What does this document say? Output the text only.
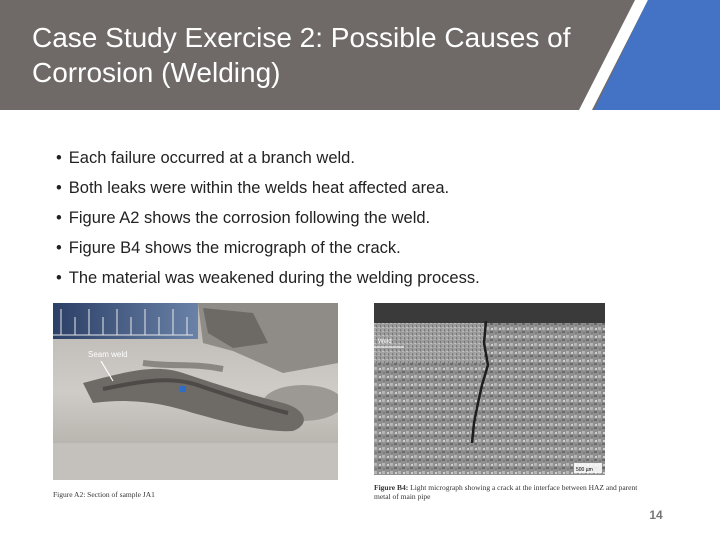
Case Study Exercise 2: Possible Causes of Corrosion (Welding)
• Each failure occurred at a branch weld.
• Both leaks were within the welds heat affected area.
• Figure A2 shows the corrosion following the weld.
• Figure B4 shows the micrograph of the crack.
• The material was weakened during the welding process.
Seam weld
Figure A2: Section of sample JA1
Weld
500 µm
Figure B4: Light micrograph showing a crack at the interface between HAZ and parent metal of main pipe
14
